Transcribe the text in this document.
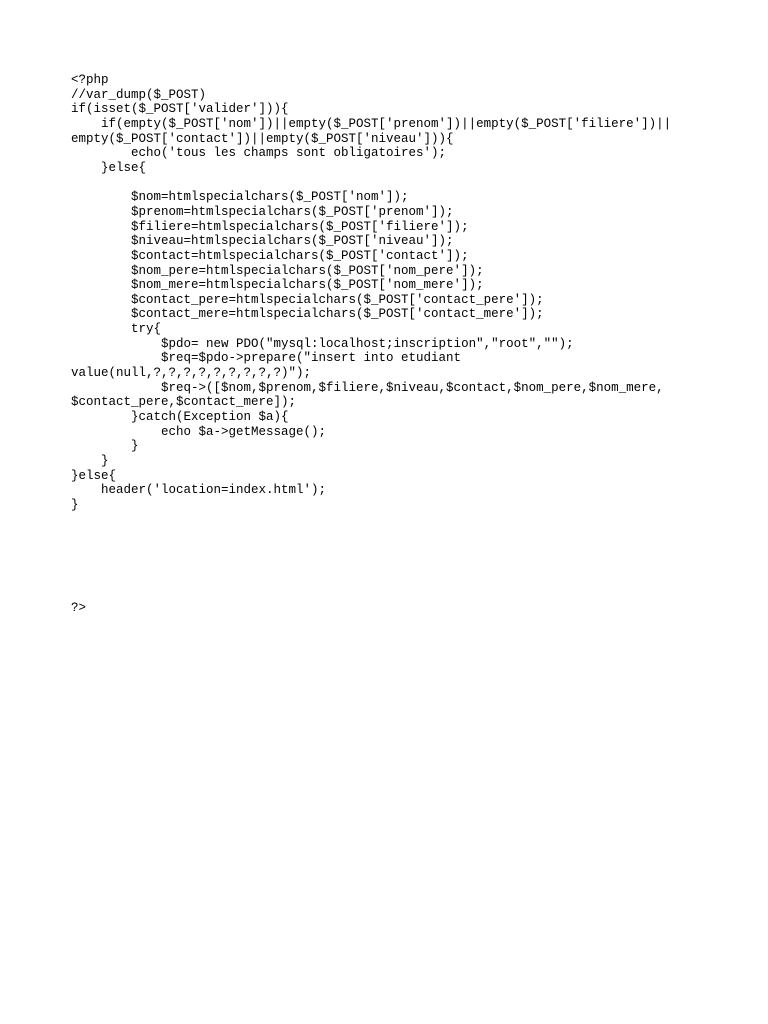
<?php
//var_dump($_POST)
if(isset($_POST['valider'])){
if(empty($_POST['nom'])||empty($_POST['prenom'])||empty($_POST['filiere'])||
empty($_POST['contact'])||empty($_POST['niveau'])){
echo('tous les champs sont obligatoires');
}else{
$nom=htmlspecialchars($_POST['nom']);
$prenom=htmlspecialchars($_POST['prenom']);
$filiere=htmlspecialchars($_POST['filiere']);
$niveau=htmlspecialchars($_POST['niveau']);
$contact=htmlspecialchars($_POST['contact']);
$nom_pere=htmlspecialchars($_POST['nom_pere']);
$nom_mere=htmlspecialchars($_POST['nom_mere']);
$contact_pere=htmlspecialchars($_POST['contact_pere']);
$contact_mere=htmlspecialchars($_POST['contact_mere']);
try{
$pdo= new PDO("mysql:localhost;inscription","root","");
$req=$pdo->prepare("insert into etudiant
value(null,?,?,?,?,?,?,?,?,?)");
$req->([$nom,$prenom,$filiere,$niveau,$contact,$nom_pere,$nom_mere,
$contact_pere,$contact_mere]);
}catch(Exception $a){
echo $a->getMessage();
}
}
}else{
header('location=index.html');
}
?>
